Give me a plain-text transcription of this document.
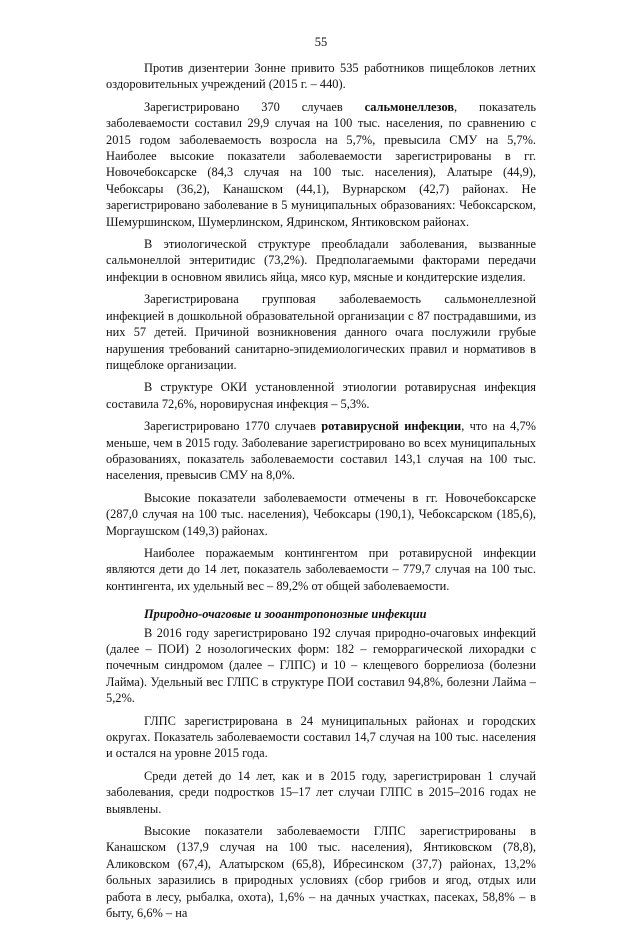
55

Против дизентерии Зонне привито 535 работников пищеблоков летних оздоровительных учреждений (2015 г. – 440).

Зарегистрировано 370 случаев сальмонеллезов, показатель заболеваемости составил 29,9 случая на 100 тыс. населения, по сравнению с 2015 годом заболеваемость возросла на 5,7%, превысила СМУ на 5,7%. Наиболее высокие показатели заболеваемости зарегистрированы в гг. Новочебоксарске (84,3 случая на 100 тыс. населения), Алатыре (44,9), Чебоксары (36,2), Канашском (44,1), Вурнарском (42,7) районах. Не зарегистрировано заболевание в 5 муниципальных образованиях: Чебоксарском, Шемуршинском, Шумерлинском, Ядринском, Янтиковском районах.

В этиологической структуре преобладали заболевания, вызванные сальмонеллой энтеритидис (73,2%). Предполагаемыми факторами передачи инфекции в основном явились яйца, мясо кур, мясные и кондитерские изделия.

Зарегистрирована групповая заболеваемость сальмонеллезной инфекцией в дошкольной образовательной организации с 87 пострадавшими, из них 57 детей. Причиной возникновения данного очага послужили грубые нарушения требований санитарно-эпидемиологических правил и нормативов в пищеблоке организации.

В структуре ОКИ установленной этиологии ротавирусная инфекция составила 72,6%, норовирусная инфекция – 5,3%.

Зарегистрировано 1770 случаев ротавирусной инфекции, что на 4,7% меньше, чем в 2015 году. Заболевание зарегистрировано во всех муниципальных образованиях, показатель заболеваемости составил 143,1 случая на 100 тыс. населения, превысив СМУ на 8,0%.

Высокие показатели заболеваемости отмечены в гг. Новочебоксарске (287,0 случая на 100 тыс. населения), Чебоксары (190,1), Чебоксарском (185,6), Моргаушском (149,3) районах.

Наиболее поражаемым контингентом при ротавирусной инфекции являются дети до 14 лет, показатель заболеваемости – 779,7 случая на 100 тыс. контингента, их удельный вес – 89,2% от общей заболеваемости.

Природно-очаговые и зооантропонозные инфекции

В 2016 году зарегистрировано 192 случая природно-очаговых инфекций (далее – ПОИ) 2 нозологических форм: 182 – геморрагической лихорадки с почечным синдромом (далее – ГЛПС) и 10 – клещевого боррелиоза (болезни Лайма). Удельный вес ГЛПС в структуре ПОИ составил 94,8%, болезни Лайма – 5,2%.

ГЛПС зарегистрирована в 24 муниципальных районах и городских округах. Показатель заболеваемости составил 14,7 случая на 100 тыс. населения и остался на уровне 2015 года.

Среди детей до 14 лет, как и в 2015 году, зарегистрирован 1 случай заболевания, среди подростков 15–17 лет случаи ГЛПС в 2015–2016 годах не выявлены.

Высокие показатели заболеваемости ГЛПС зарегистрированы в Канашском (137,9 случая на 100 тыс. населения), Янтиковском (78,8), Аликовском (67,4), Алатырском (65,8), Ибресинском (37,7) районах, 13,2% больных заразились в природных условиях (сбор грибов и ягод, отдых или работа в лесу, рыбалка, охота), 1,6% – на дачных участках, пасеках, 58,8% – в быту, 6,6% – на
